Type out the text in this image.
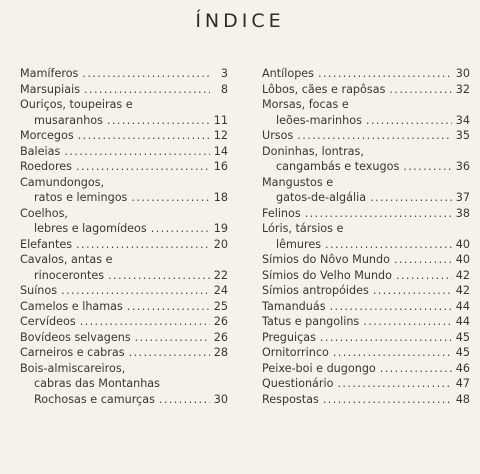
ÍNDICE
Mamíferos .....	3
Marsupiais .....	8
Ouriços, toupeiras e
musaranhos .....	11
Morcegos .....	12
Baleias .....	14
Roedores .....	16
Camundongos,
ratos e lemingos .....	18
Coelhos,
lebres e lagomídeos .....	19
Elefantes .....	20
Cavalos, antas e
rinocerontes .....	22
Suínos .....	24
Camelos e lhamas .....	25
Cervídeos .....	26
Bovídeos selvagens .....	26
Carneiros e cabras .....	28
Bois-almiscareiros,
cabras das Montanhas
Rochosas e camurças .....	30
Antílopes .....	30
Lôbos, cães e rapôsas .....	32
Morsas, focas e
leões-marinhos .....	34
Ursos .....	35
Doninhas, lontras,
cangambás e texugos .....	36
Mangustos e
gatos-de-algália .....	37
Felinos .....	38
Lóris, társios e
lêmures .....	40
Símios do Nôvo Mundo .....	40
Símios do Velho Mundo .....	42
Símios antropóides .....	42
Tamanduás .....	44
Tatus e pangolins .....	44
Preguiças .....	45
Ornitorrinco .....	45
Peixe-boi e dugongo .....	46
Questionário .....	47
Respostas .....	48
